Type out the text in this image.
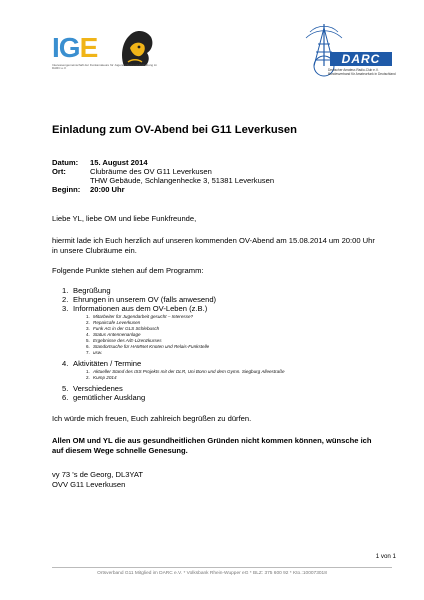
IGE
Interessengemeinschaft der Funkamateure für Jugendarbeit und Ausbildung im DARC e.V.
DARC
Deutscher Amateur-Radio-Club e.V. Bundesverband für Amateurfunk in Deutschland
Einladung zum OV-Abend bei G11 Leverkusen
Datum: 15. August 2014
Ort:	Clubräume des OV G11 Leverkusen
THW Gebäude, Schlangenhecke 3, 51381 Leverkusen
Beginn: 20:00 Uhr
Liebe YL, liebe OM und liebe Funkfreunde,
hiermit lade ich Euch herzlich auf unseren kommenden OV-Abend am 15.08.2014 um 20:00 Uhr in unsere Clubräume ein.
Folgende Punkte stehen auf dem Programm:
1. Begrüßung
2. Ehrungen in unserem OV (falls anwesend)
3. Informationen aus dem OV-Leben (z.B.)
1. Mitarbeiter für Jugendarbeit gesucht – Interesse?
2. Repaircafe Leverkusen
3. Funk AG in der GLS Schlebusch
4. Status Antennenanlage
5. Ergebnisse des A/E-Lizenzkurses
6. Standortsuche für HAMNet Knoten und Relais-Funkstelle
7. usw.
4. Aktivitäten / Termine
1. Aktueller Stand des ISS Projekts mit der DLR, Uni Bonn und dem Gymn. Siegburg Alleestraße
2. Kump 2014
5. Verschiedenes
6. gemütlicher Ausklang
Ich würde mich freuen, Euch zahlreich begrüßen zu dürfen.
Allen OM und YL die aus gesundheitlichen Gründen nicht kommen können, wünsche ich auf diesem Wege schnelle Genesung.
vy 73 's de Georg, DL3YAT
OVV G11 Leverkusen
1 von 1
Ortsverband G11 Mitglied im DARC e.V. * Volksbank Rhein-Wupper eG * BLZ: 375 600 92 * Kto.:100073018
